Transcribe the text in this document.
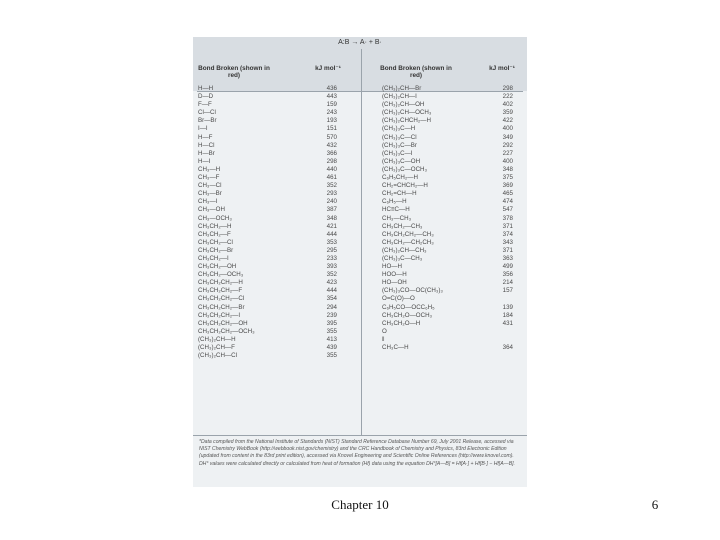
A:B → A· + B·
Bond Broken (shown in red)
kJ mol⁻¹	Bond Broken (shown in red)
kJ mol⁻¹
H—H
D—D
F—F
Cl—Cl
Br—Br
I—I
H—F
H—Cl
H—Br
H—I
CH₃—H
CH₃—F
CH₃—Cl
CH₃—Br
CH₃—I
CH₃—OH
CH₃—OCH₃
CH₃CH₂—H
CH₃CH₂—F
CH₃CH₂—Cl
CH₃CH₂—Br
CH₃CH₂—I
CH₃CH₂—OH
CH₃CH₂—OCH₃
CH₃CH₂CH₂—H
CH₃CH₂CH₂—F
CH₃CH₂CH₂—Cl
CH₃CH₂CH₂—Br
CH₃CH₂CH₂—I
CH₃CH₂CH₂—OH
CH₃CH₂CH₂—OCH₃
(CH₃)₂CH—H
(CH₃)₂CH—F
(CH₃)₂CH—Cl
436
443
159
243
193
151
570
432
366
298
440
461
352
293
240
387
348
421
444
353
295
233
393
352
423
444
354
294
239
395
355
413
439
355
(CH₃)₂CH—Br
(CH₃)₂CH—I
(CH₃)₂CH—OH
(CH₃)₂CH—OCH₃
(CH₃)₂CHCH₂—H
(CH₃)₃C—H
(CH₃)₃C—Cl
(CH₃)₃C—Br
(CH₃)₃C—I
(CH₃)₃C—OH
(CH₃)₃C—OCH₃
C₆H₅CH₂—H
CH₂=CHCH₂—H
CH₂=CH—H
C₆H₅—H
HC≡C—H
CH₃—CH₃
CH₃CH₂—CH₃
CH₃CH₂CH₂—CH₃
CH₃CH₂—CH₂CH₃
(CH₃)₂CH—CH₃
(CH₃)₃C—CH₃
HO—H
HOO—H
HO—OH
(CH₃)₃CO—OC(CH₃)₃
O=C(O)—O
C₆H₅CO—OCC₆H₅
CH₃CH₂O—OCH₃
CH₃CH₂O—H
O
‖
CH₃C—H
298
222
402
359
422
400
349
292
227
400
348
375
369
465
474
547
378
371
374
343
371
363
499
356
214
157
139
184
431
364
*Data compiled from the National Institute of Standards (NIST) Standard Reference Database Number 69, July 2001 Release, accessed via NIST Chemistry WebBook (http://webbook.nist.gov/chemistry) and the CRC Handbook of Chemistry and Physics, 83rd Electronic Edition (updated from content in the 83rd print edition), accessed via Knovel Engineering and Scientific Online References (http://www.knovel.com). DH° values were calculated directly or calculated from heat of formation (Hf) data using the equation DH°[A—B] = Hf[A·] + Hf[B·] − Hf[A—B].
Chapter 10	6
